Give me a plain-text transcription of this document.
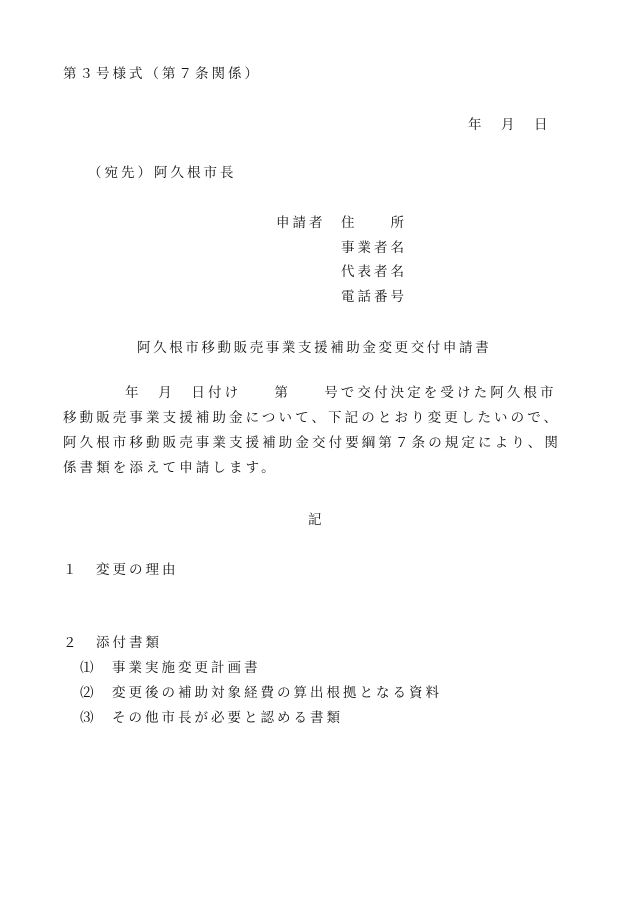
第３号様式（第７条関係）
年　月　日
（宛先）阿久根市長
申請者 住　　所
事業者名
代表者名
電話番号
阿久根市移動販売事業支援補助金変更交付申請書
年　月　日付け　　第　　号で交付決定を受けた阿久根市移動販売事業支援補助金について、下記のとおり変更したいので、阿久根市移動販売事業支援補助金交付要綱第７条の規定により、関係書類を添えて申請します。
記
１　変更の理由
２　添付書類
⑴ 事業実施変更計画書
⑵ 変更後の補助対象経費の算出根拠となる資料
⑶ その他市長が必要と認める書類
